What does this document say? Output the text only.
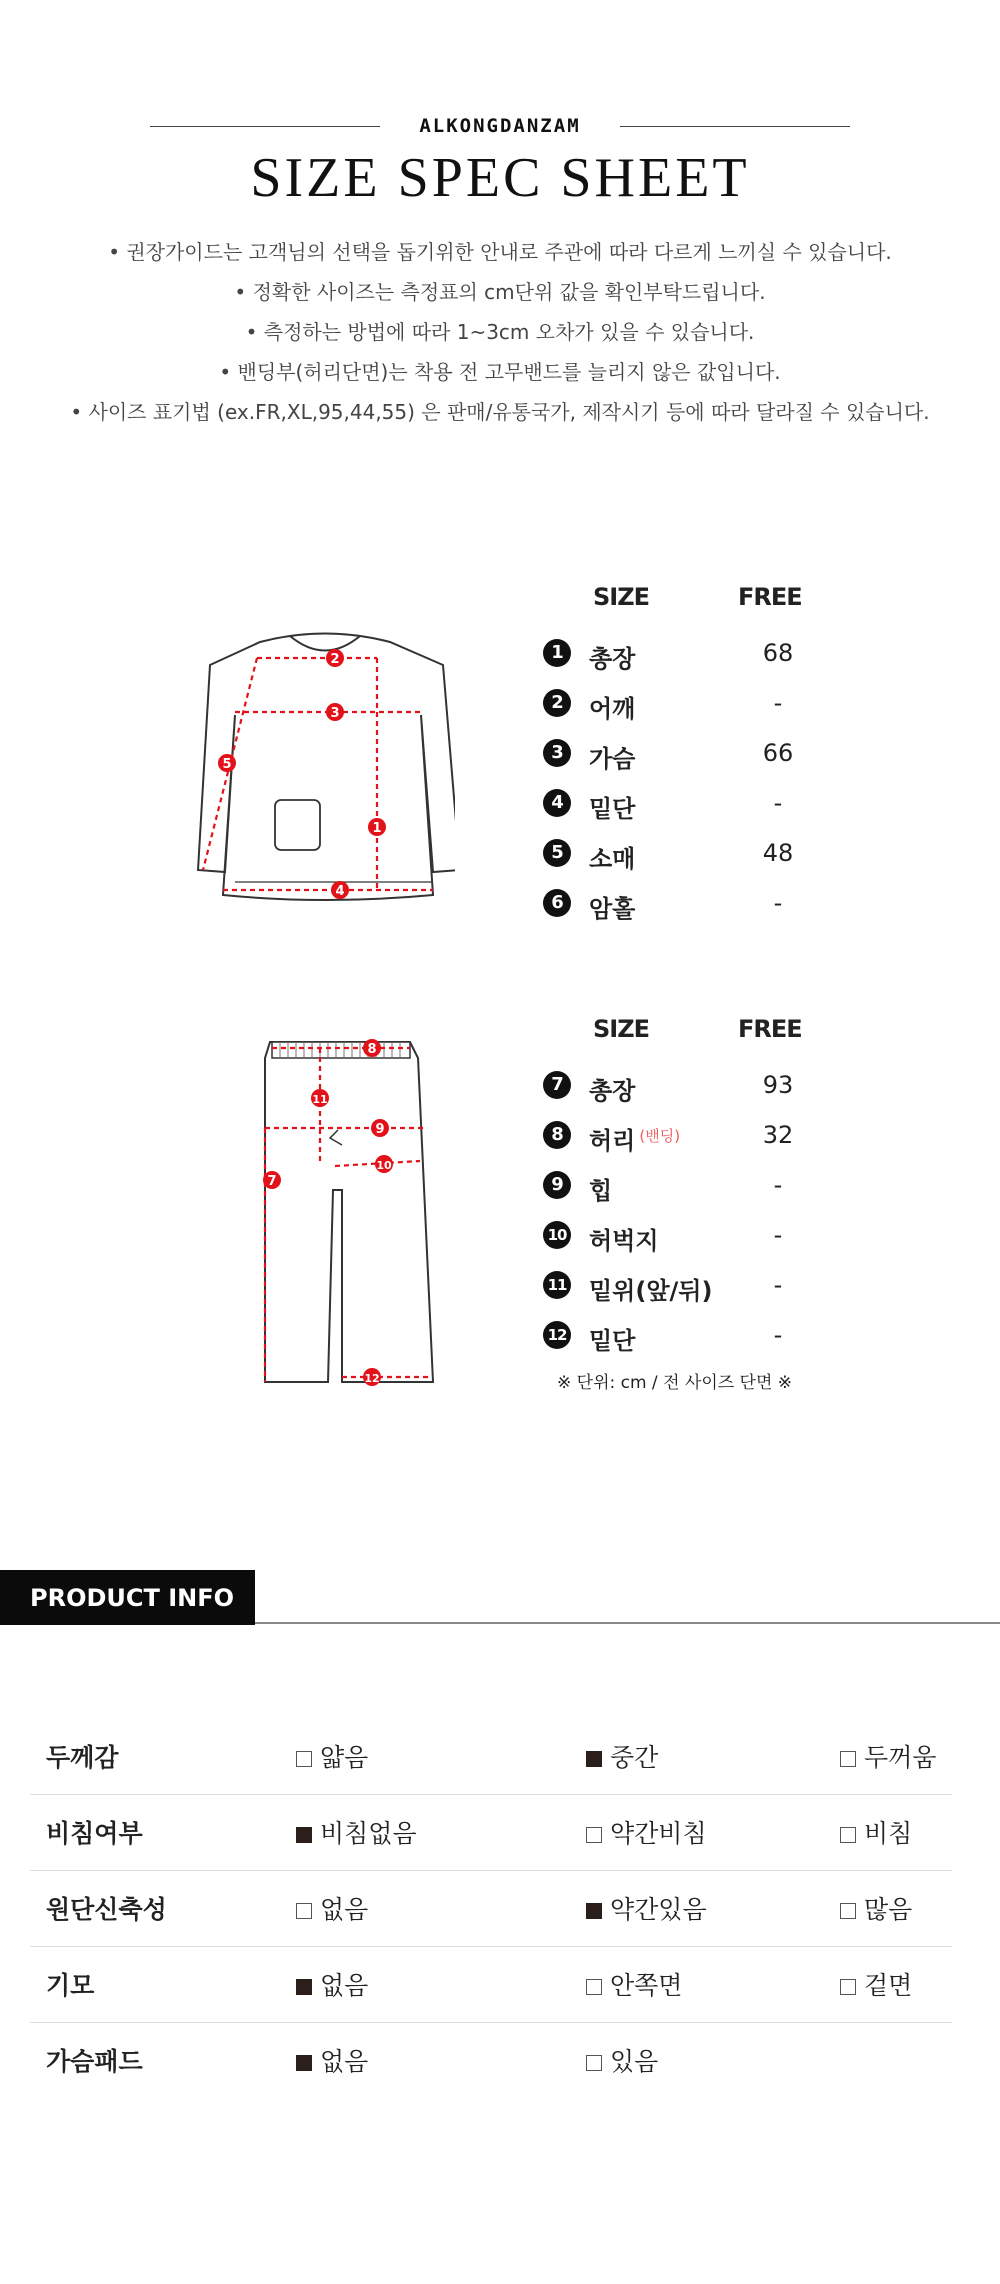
ALKONGDANZAM
SIZE SPEC SHEET
• 권장가이드는 고객님의 선택을 돕기위한 안내로 주관에 따라 다르게 느끼실 수 있습니다.
• 정확한 사이즈는 측정표의 cm단위 값을 확인부탁드립니다.
• 측정하는 방법에 따라 1~3cm 오차가 있을 수 있습니다.
• 밴딩부(허리단면)는 착용 전 고무밴드를 늘리지 않은 값입니다.
• 사이즈 표기법 (ex.FR,XL,95,44,55) 은 판매/유통국가, 제작시기 등에 따라 달라질 수 있습니다.
2
3
1
4
5
SIZE	FREE
1	총장	68
2	어깨	-
3	가슴	66
4	밑단	-
5	소매	48
6	암홀	-
8
11
9
10
7
12
SIZE	FREE
7	총장	93
8	허리 $^{(밴딩)}$	32
9	힙	-
10 허벅지	-
11 밑위(앞/뒤)	-
12 밑단	-
※ 단위: cm / 전 사이즈 단면 ※
PRODUCT INFO
두께감	얇음	중간	두꺼움
비침여부	비침없음	약간비침	비침
원단신축성	없음	약간있음	많음
기모	없음	안쪽면	겉면
가슴패드	없음	있음
